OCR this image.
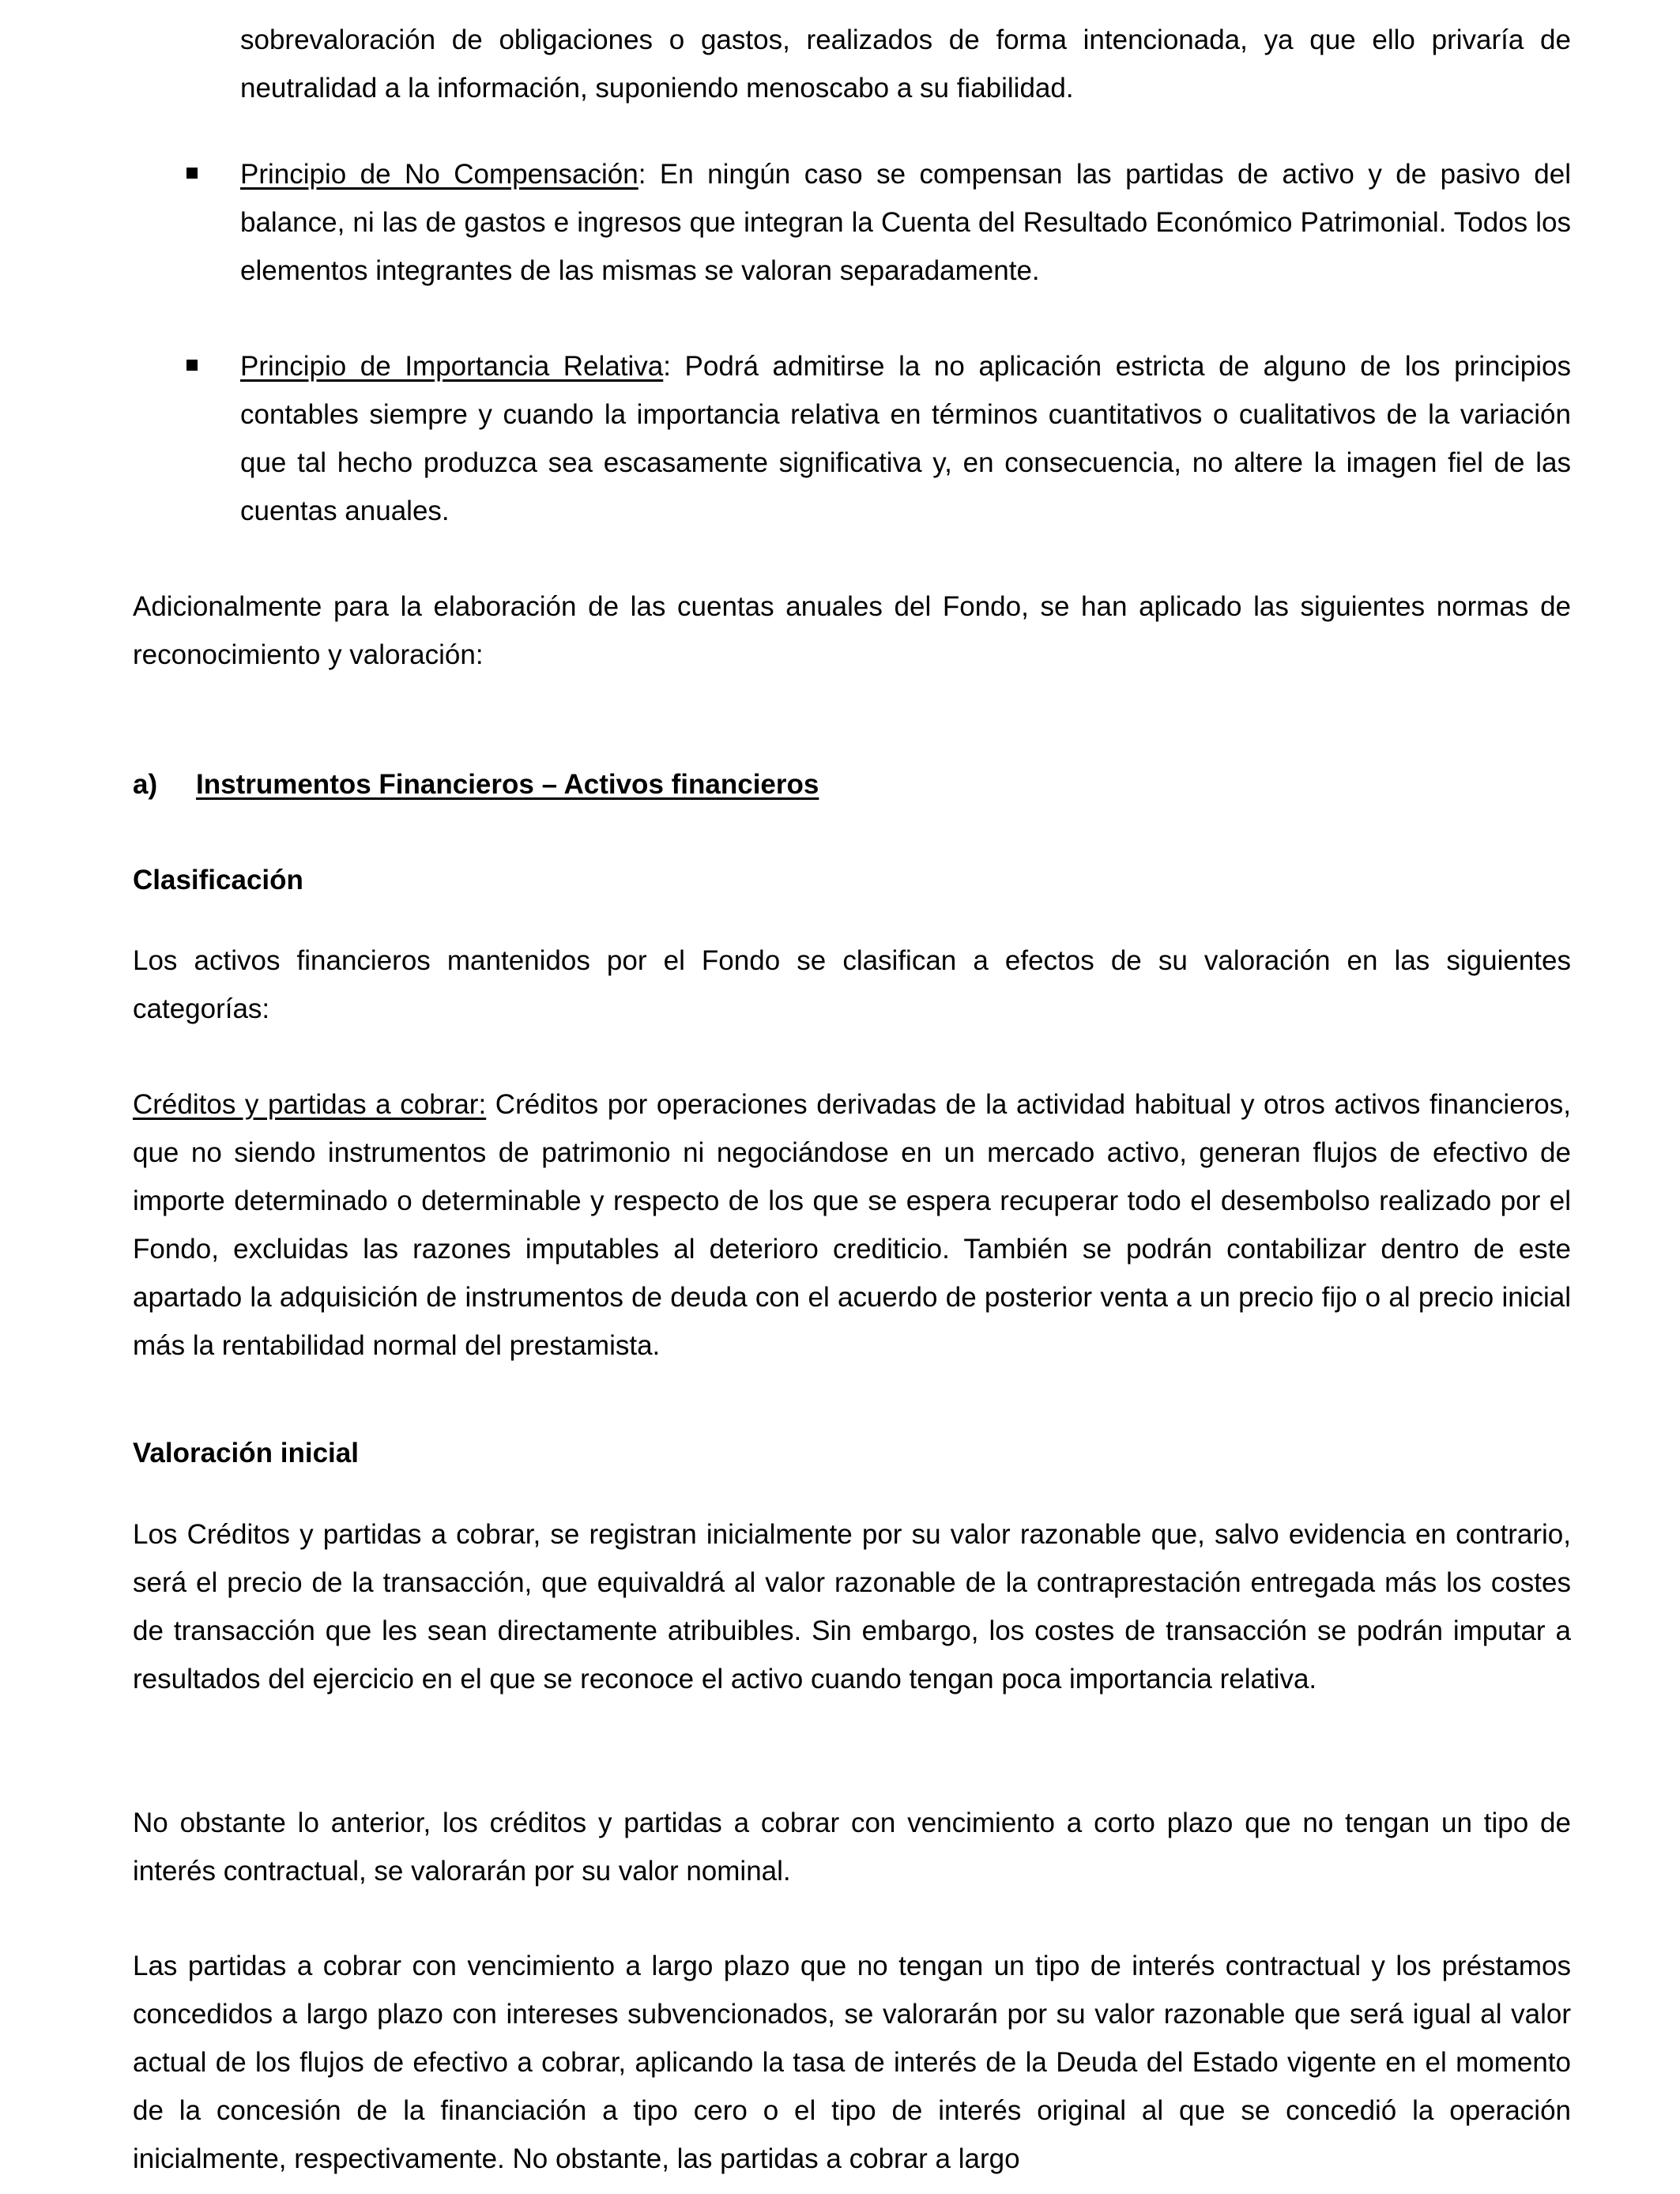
sobrevaloración de obligaciones o gastos, realizados de forma intencionada, ya que ello privaría de neutralidad a la información, suponiendo menoscabo a su fiabilidad.
Principio de No Compensación: En ningún caso se compensan las partidas de activo y de pasivo del balance, ni las de gastos e ingresos que integran la Cuenta del Resultado Económico Patrimonial. Todos los elementos integrantes de las mismas se valoran separadamente.
Principio de Importancia Relativa: Podrá admitirse la no aplicación estricta de alguno de los principios contables siempre y cuando la importancia relativa en términos cuantitativos o cualitativos de la variación que tal hecho produzca sea escasamente significativa y, en consecuencia, no altere la imagen fiel de las cuentas anuales.
Adicionalmente para la elaboración de las cuentas anuales del Fondo, se han aplicado las siguientes normas de reconocimiento y valoración:
a) Instrumentos Financieros – Activos financieros
Clasificación
Los activos financieros mantenidos por el Fondo se clasifican a efectos de su valoración en las siguientes categorías:
Créditos y partidas a cobrar: Créditos por operaciones derivadas de la actividad habitual y otros activos financieros, que no siendo instrumentos de patrimonio ni negociándose en un mercado activo, generan flujos de efectivo de importe determinado o determinable y respecto de los que se espera recuperar todo el desembolso realizado por el Fondo, excluidas las razones imputables al deterioro crediticio. También se podrán contabilizar dentro de este apartado la adquisición de instrumentos de deuda con el acuerdo de posterior venta a un precio fijo o al precio inicial más la rentabilidad normal del prestamista.
Valoración inicial
Los Créditos y partidas a cobrar, se registran inicialmente por su valor razonable que, salvo evidencia en contrario, será el precio de la transacción, que equivaldrá al valor razonable de la contraprestación entregada más los costes de transacción que les sean directamente atribuibles. Sin embargo, los costes de transacción se podrán imputar a resultados del ejercicio en el que se reconoce el activo cuando tengan poca importancia relativa.
No obstante lo anterior, los créditos y partidas a cobrar con vencimiento a corto plazo que no tengan un tipo de interés contractual, se valorarán por su valor nominal.
Las partidas a cobrar con vencimiento a largo plazo que no tengan un tipo de interés contractual y los préstamos concedidos a largo plazo con intereses subvencionados, se valorarán por su valor razonable que será igual al valor actual de los flujos de efectivo a cobrar, aplicando la tasa de interés de la Deuda del Estado vigente en el momento de la concesión de la financiación a tipo cero o el tipo de interés original al que se concedió la operación inicialmente, respectivamente. No obstante, las partidas a cobrar a largo
